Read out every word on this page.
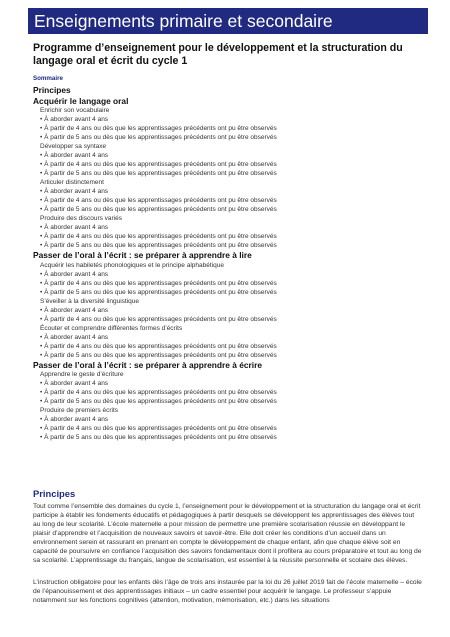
Enseignements primaire et secondaire
Programme d’enseignement pour le développement et la structuration du langage oral et écrit du cycle 1
Sommaire
Principes
Acquérir le langage oral
Enrichir son vocabulaire
• À aborder avant 4 ans
• À partir de 4 ans ou dès que les apprentissages précédents ont pu être observés
• À partir de 5 ans ou dès que les apprentissages précédents ont pu être observés
Développer sa syntaxe
• À aborder avant 4 ans
• À partir de 4 ans ou dès que les apprentissages précédents ont pu être observés
• À partir de 5 ans ou dès que les apprentissages précédents ont pu être observés
Articuler distinctement
• À aborder avant 4 ans
• À partir de 4 ans ou dès que les apprentissages précédents ont pu être observés
• À partir de 5 ans ou dès que les apprentissages précédents ont pu être observés
Produire des discours variés
• À aborder avant 4 ans
• À partir de 4 ans ou dès que les apprentissages précédents ont pu être observés
• À partir de 5 ans ou dès que les apprentissages précédents ont pu être observés
Passer de l’oral à l’écrit : se préparer à apprendre à lire
Acquérir les habiletés phonologiques et le principe alphabétique
• À aborder avant 4 ans
• À partir de 4 ans ou dès que les apprentissages précédents ont pu être observés
• À partir de 5 ans ou dès que les apprentissages précédents ont pu être observés
S’éveiller à la diversité linguistique
• À aborder avant 4 ans
• À partir de 4 ans ou dès que les apprentissages précédents ont pu être observés
Écouter et comprendre différentes formes d’écrits
• À aborder avant 4 ans
• À partir de 4 ans ou dès que les apprentissages précédents ont pu être observés
• À partir de 5 ans ou dès que les apprentissages précédents ont pu être observés
Passer de l’oral à l’écrit : se préparer à apprendre à écrire
Apprendre le geste d’écriture
• À aborder avant 4 ans
• À partir de 4 ans ou dès que les apprentissages précédents ont pu être observés
• À partir de 5 ans ou dès que les apprentissages précédents ont pu être observés
Produire de premiers écrits
• À aborder avant 4 ans
• À partir de 4 ans ou dès que les apprentissages précédents ont pu être observés
• À partir de 5 ans ou dès que les apprentissages précédents ont pu être observés
Principes
Tout comme l’ensemble des domaines du cycle 1, l’enseignement pour le développement et la structuration du langage oral et écrit participe à établir les fondements éducatifs et pédagogiques à partir desquels se développent les apprentissages des élèves tout au long de leur scolarité. L’école maternelle a pour mission de permettre une première scolarisation réussie en développant le plaisir d’apprendre et l’acquisition de nouveaux savoirs et savoir-être. Elle doit créer les conditions d’un accueil dans un environnement serein et rassurant en prenant en compte le développement de chaque enfant, afin que chaque élève soit en capacité de poursuivre en confiance l’acquisition des savoirs fondamentaux dont il profitera au cours préparatoire et tout au long de sa scolarité. L’apprentissage du français, langue de scolarisation, est essentiel à la réussite personnelle et scolaire des élèves.
L’instruction obligatoire pour les enfants dès l’âge de trois ans instaurée par la loi du 26 juillet 2019 fait de l’école maternelle – école de l’épanouissement et des apprentissages initiaux – un cadre essentiel pour acquérir le langage. Le professeur s’appuie notamment sur les fonctions cognitives (attention, motivation, mémorisation, etc.) dans les situations
